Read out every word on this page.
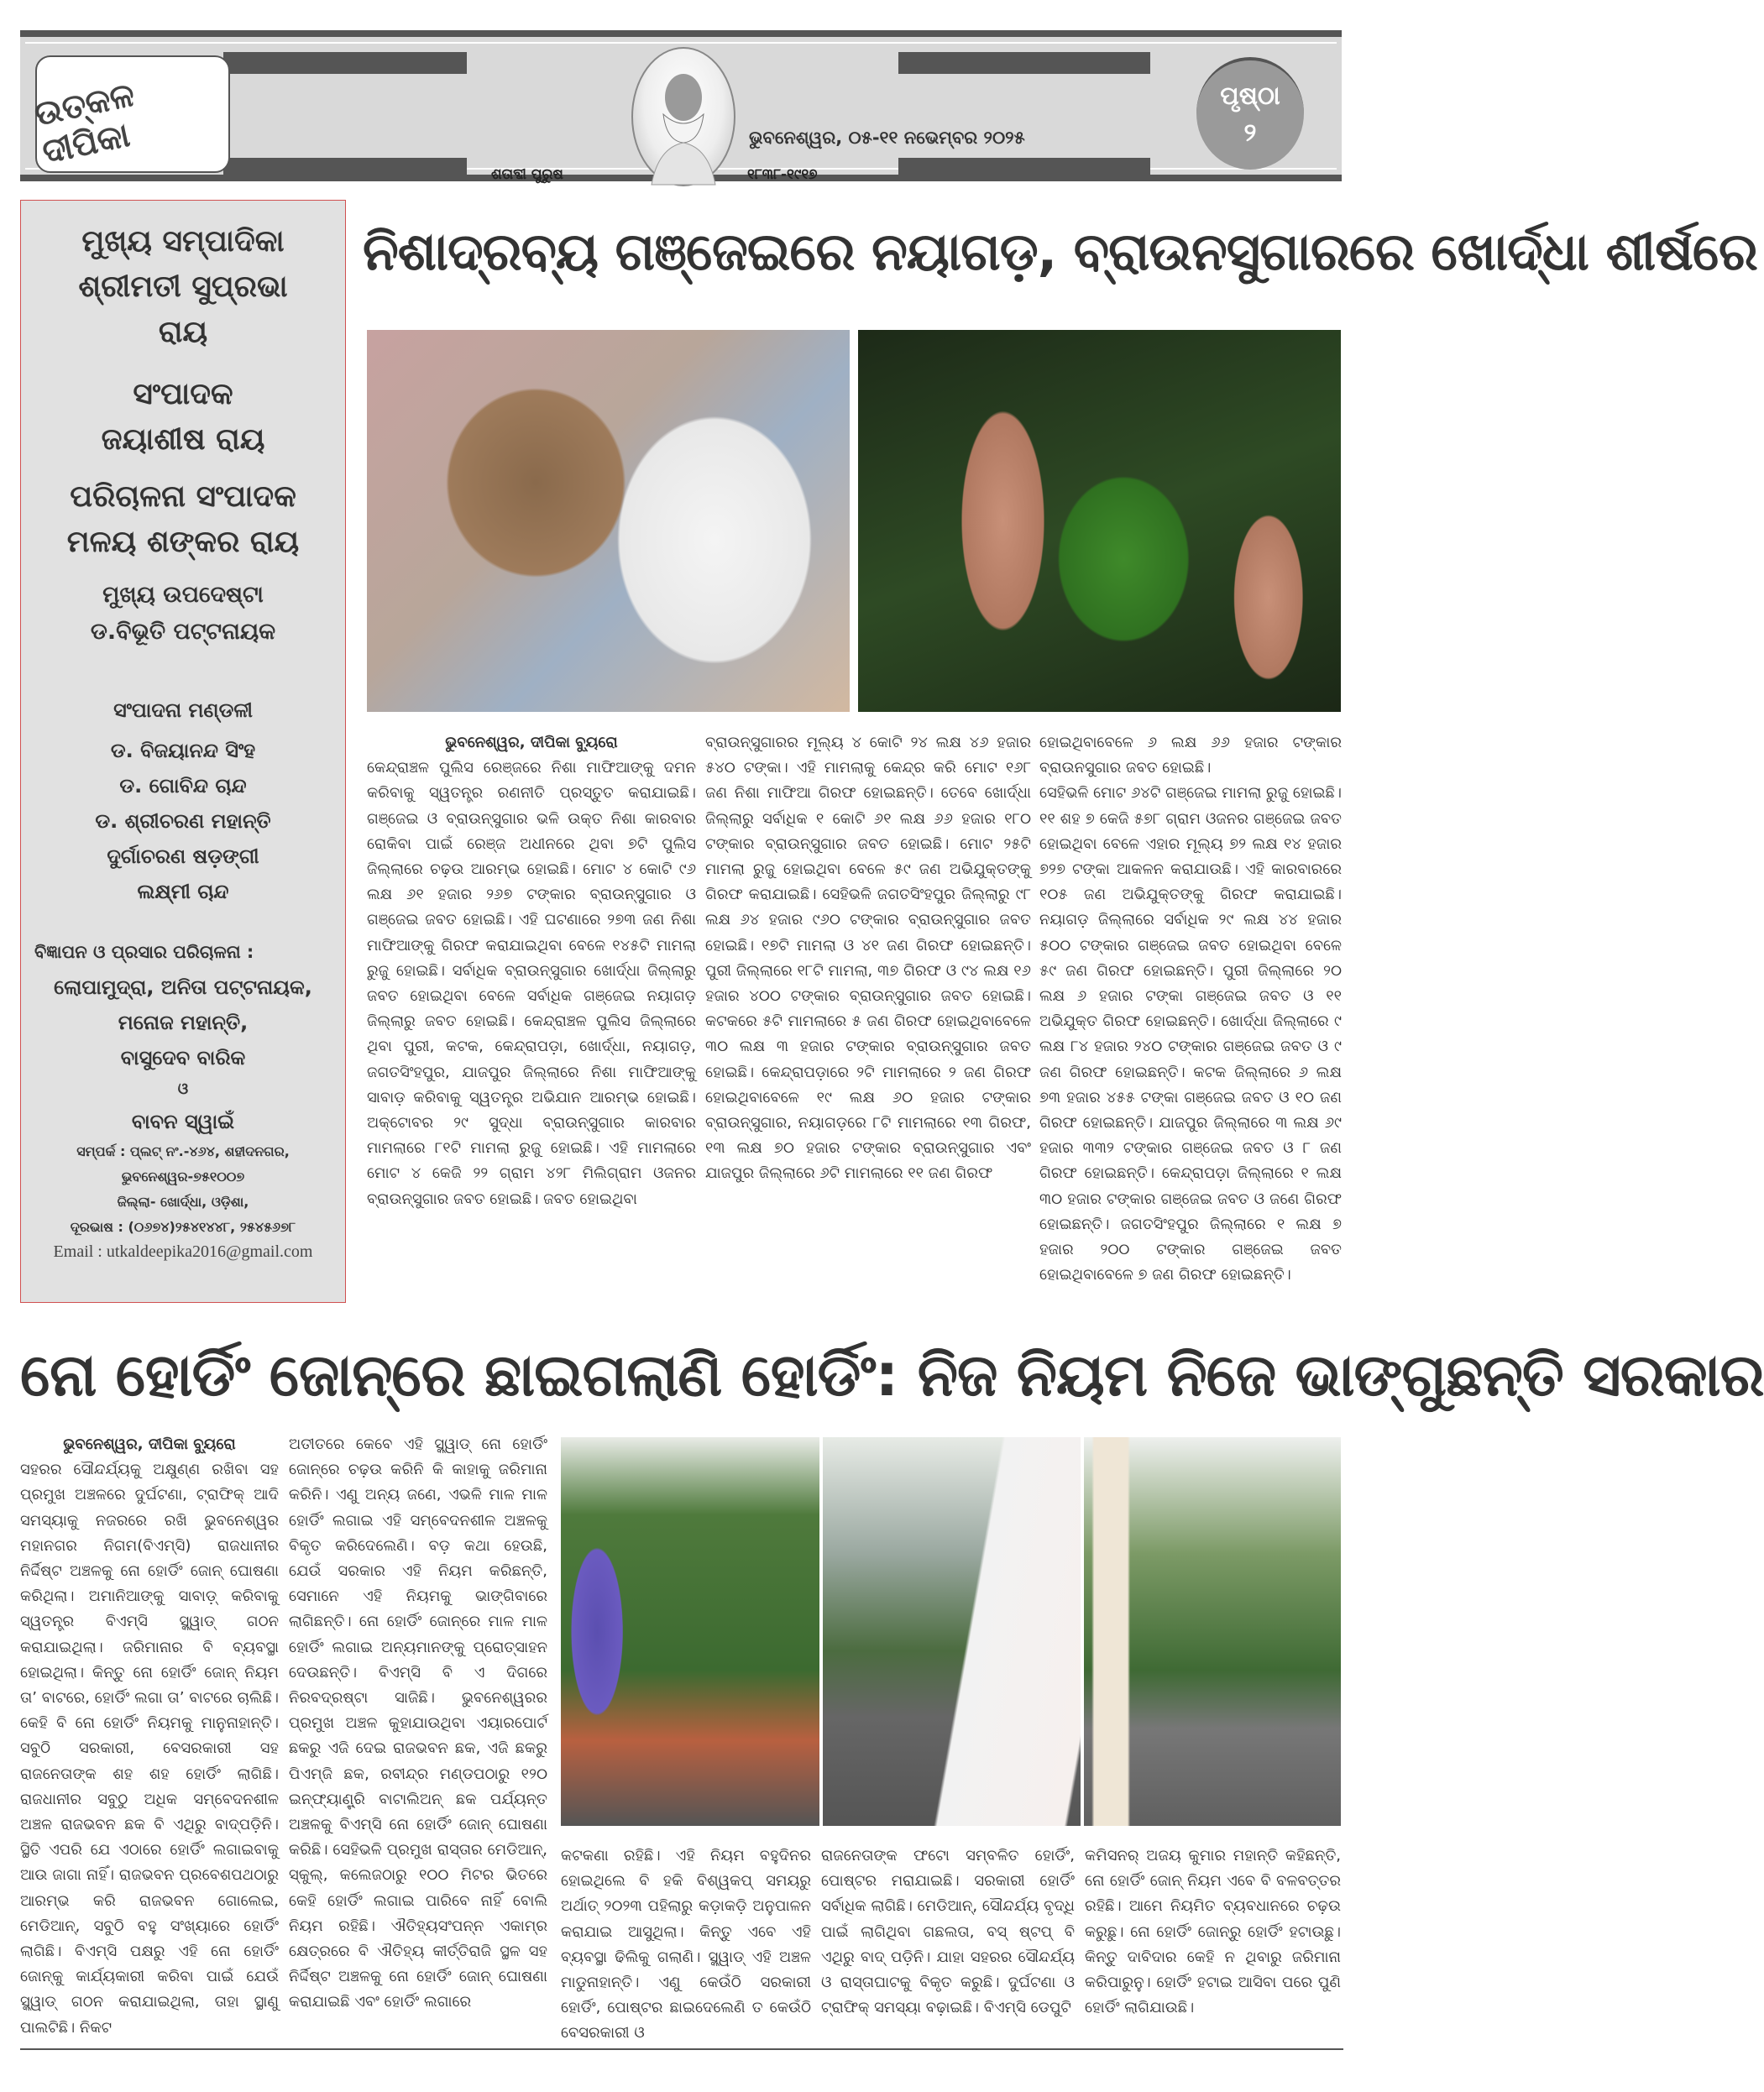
ଉତ୍କଳ ଦୀପିକା	ଭୁବନେଶ୍ୱର, ୦୫-୧୧ ନଭେମ୍ବର ୨୦୨୫
ଶତାବ୍ଦୀ ପୁରୁଷ	୧୮୩୮-୧୯୧୭
ପୃଷ୍ଠା
୨
ମୁଖ୍ୟ ସମ୍ପାଦିକା
ଶ୍ରୀମତୀ ସୁପ୍ରଭା
ରାୟ
ସଂପାଦକ
ଜୟାଶୀଷ ରାୟ
ପରିଚାଳନା ସଂପାଦକ
ମଳୟ ଶଙ୍କର ରାୟ
ମୁଖ୍ୟ ଉପଦେଷ୍ଟା
ଡ.ବିଭୂତି ପଟ୍ଟନାୟକ
ସଂପାଦନା ମଣ୍ଡଳୀ
ଡ. ବିଜୟାନନ୍ଦ ସିଂହ
ଡ. ଗୋବିନ୍ଦ ଚାନ୍ଦ
ଡ. ଶ୍ରୀଚରଣ ମହାନ୍ତି
ଦୁର୍ଗାଚରଣ ଷଡ଼ଙ୍ଗୀ
ଲକ୍ଷ୍ମୀ ଚାନ୍ଦ
ବିଜ୍ଞାପନ ଓ ପ୍ରସାର ପରିଚାଳନା :
ଲୋପାମୁଦ୍ରା, ଅନିତା ପଟ୍ଟନାୟକ,
ମନୋଜ ମହାନ୍ତି,
ବାସୁଦେବ ବାରିକ
ଓ
ବାବନ ସ୍ୱାଇଁ
ସମ୍ପର୍କ : ପ୍ଲଟ୍ ନଂ.-୪୬୪, ଶହୀଦନଗର,
ଭୁବନେଶ୍ୱର-୭୫୧୦୦୭
ଜିଲ୍ଲା- ଖୋର୍ଦ୍ଧା, ଓଡ଼ିଶା,
ଦୂରଭାଷ : (୦୬୭୪)୨୫୪୧୪୪୮, ୨୫୪୫୬୭୮
Email : utkaldeepika2016@gmail.com
ନିଶାଦ୍ରବ୍ୟ ଗଞ୍ଜେଇରେ ନୟାଗଡ଼, ବ୍ରାଉନସୁଗାରରେ ଖୋର୍ଦ୍ଧା ଶୀର୍ଷରେ

ଭୁବନେଶ୍ୱର, ଦୀପିକା ବ୍ୟୁରୋ

କେନ୍ଦ୍ରାଞ୍ଚଳ ପୁଲିସ ରେଞ୍ଜରେ ନିଶା ମାଫିଆଙ୍କୁ ଦମନ କରିବାକୁ ସ୍ୱତନ୍ତ୍ର ରଣନୀତି ପ୍ରସ୍ତୁତ କରାଯାଇଛି। ଗଞ୍ଜେଇ ଓ ବ୍ରାଉନ୍‌ସୁଗାର ଭଳି ଉକ୍ତ ନିଶା କାରବାର ରୋକିବା ପାଇଁ ରେଞ୍ଜ ଅଧୀନରେ ଥିବା ୭ଟି ପୁଲିସ ଜିଲ୍ଲାରେ ଚଢ଼ଉ ଆରମ୍ଭ ହୋଇଛି। ମୋଟ ୪ କୋଟି ୯୬ ଲକ୍ଷ ୬୧ ହଜାର ୨୬୭ ଟଙ୍କାର ବ୍ରାଉନ୍‌ସୁଗାର ଓ ଗଞ୍ଜେଇ ଜବତ ହୋଇଛି। ଏହି ଘଟଣାରେ ୨୭୩ ଜଣ ନିଶା ମାଫିଆଙ୍କୁ ଗିରଫ କରାଯାଇଥିବା ବେଳେ ୧୪୫ଟି ମାମଲା ରୁଜୁ ହୋଇଛି। ସର୍ବାଧିକ ବ୍ରାଉନ୍‌ସୁଗାର ଖୋର୍ଦ୍ଧା ଜିଲ୍ଲାରୁ ଜବତ ହୋଇଥିବା ବେଳେ ସର୍ବାଧିକ ଗଞ୍ଜେଇ ନୟାଗଡ଼ ଜିଲ୍ଲାରୁ ଜବତ ହୋଇଛି। କେନ୍ଦ୍ରାଞ୍ଚଳ ପୁଲିସ ଜିଲ୍ଲାରେ ଥିବା ପୁରୀ, କଟକ, କେନ୍ଦ୍ରାପଡ଼ା, ଖୋର୍ଦ୍ଧା, ନୟାଗଡ଼, ଜଗତସିଂହପୁର, ଯାଜପୁର ଜିଲ୍ଲାରେ ନିଶା ମାଫିଆଙ୍କୁ ସାବାଡ଼ କରିବାକୁ ସ୍ୱତନ୍ତ୍ର ଅଭିଯାନ ଆରମ୍ଭ ହୋଇଛି। ଅକ୍ଟୋବର ୨୯ ସୁଦ୍ଧା ବ୍ରାଉନ୍‌ସୁଗାର କାରବାର ମାମଲାରେ ୮୧ଟି ମାମଲା ରୁଜୁ ହୋଇଛି। ଏହି ମାମଲାରେ ମୋଟ ୪ କେଜି ୨୨ ଗ୍ରାମ ୪୨୮ ମିଲିଗ୍ରାମ ଓଜନର ବ୍ରାଉନ୍‌ସୁଗାର ଜବତ ହୋଇଛି। ଜବତ ହୋଇଥିବା

ବ୍ରାଉନ୍‌ସୁଗାରର ମୂଲ୍ୟ ୪ କୋଟି ୨୪ ଲକ୍ଷ ୪୬ ହଜାର ୫୪୦ ଟଙ୍କା। ଏହି ମାମଲାକୁ କେନ୍ଦ୍ର କରି ମୋଟ ୧୬୮ ଜଣ ନିଶା ମାଫିଆ ଗିରଫ ହୋଇଛନ୍ତି। ତେବେ ଖୋର୍ଦ୍ଧା ଜିଲ୍ଲାରୁ ସର୍ବାଧିକ ୧ କୋଟି ୬୧ ଲକ୍ଷ ୬୬ ହଜାର ୧୮୦ ଟଙ୍କାର ବ୍ରାଉନ୍‌ସୁଗାର ଜବତ ହୋଇଛି। ମୋଟ ୨୫ଟି ମାମଲା ରୁଜୁ ହୋଇଥିବା ବେଳେ ୫୯ ଜଣ ଅଭିଯୁକ୍ତଙ୍କୁ ଗିରଫ କରାଯାଇଛି। ସେହିଭଳି ଜଗତସିଂହପୁର ଜିଲ୍ଲାରୁ ୯୮ ଲକ୍ଷ ୬୪ ହଜାର ୯୬୦ ଟଙ୍କାର ବ୍ରାଉନ୍‌ସୁଗାର ଜବତ ହୋଇଛି। ୧୭ଟି ମାମଲା ଓ ୪୧ ଜଣ ଗିରଫ ହୋଇଛନ୍ତି। ପୁରୀ ଜିଲ୍ଲାରେ ୧୮ଟି ମାମଲା, ୩୭ ଗିରଫ ଓ ୯୪ ଲକ୍ଷ ୧୬ ହଜାର ୪୦୦ ଟଙ୍କାର ବ୍ରାଉନ୍‌ସୁଗାର ଜବତ ହୋଇଛି। କଟକରେ ୫ଟି ମାମଲାରେ ୫ ଜଣ ଗିରଫ ହୋଇଥିବାବେଳେ ୩୦ ଲକ୍ଷ ୩ ହଜାର ଟଙ୍କାର ବ୍ରାଉନ୍‌ସୁଗାର ଜବତ ହୋଇଛି। କେନ୍ଦ୍ରାପଡ଼ାରେ ୨ଟି ମାମଲାରେ ୨ ଜଣ ଗିରଫ ହୋଇଥିବାବେଳେ ୧୯ ଲକ୍ଷ ୬୦ ହଜାର ଟଙ୍କାର ବ୍ରାଉନ୍‌ସୁଗାର, ନୟାଗଡ଼ରେ ୮ଟି ମାମଲାରେ ୧୩ ଗିରଫ, ୧୩ ଲକ୍ଷ ୭୦ ହଜାର ଟଙ୍କାର ବ୍ରାଉନ୍‌ସୁଗାର ଏବଂ ଯାଜପୁର ଜିଲ୍ଲାରେ ୬ଟି ମାମଲାରେ ୧୧ ଜଣ ଗିରଫ

ହୋଇଥିବାବେଳେ ୬ ଲକ୍ଷ ୬୬ ହଜାର ଟଙ୍କାର ବ୍ରାଉନସୁଗାର ଜବତ ହୋଇଛି।

ସେହିଭଳି ମୋଟ ୬୪ଟି ଗଞ୍ଜେଇ ମାମଲା ରୁଜୁ ହୋଇଛି। ୧୧ ଶହ ୭ କେଜି ୫୭୮ ଗ୍ରାମ ଓଜନର ଗଞ୍ଜେଇ ଜବତ ହୋଇଥିବା ବେଳେ ଏହାର ମୂଲ୍ୟ ୭୨ ଲକ୍ଷ ୧୪ ହଜାର ୭୨୭ ଟଙ୍କା ଆକଳନ କରାଯାଉଛି। ଏହି କାରବାରରେ ୧୦୫ ଜଣ ଅଭିଯୁକ୍ତଙ୍କୁ ଗିରଫ କରାଯାଇଛି। ନୟାଗଡ଼ ଜିଲ୍ଲାରେ ସର୍ବାଧିକ ୨୯ ଲକ୍ଷ ୪୪ ହଜାର ୫୦୦ ଟଙ୍କାର ଗଞ୍ଜେଇ ଜବତ ହୋଇଥିବା ବେଳେ ୫୯ ଜଣ ଗିରଫ ହୋଇଛନ୍ତି। ପୁରୀ ଜିଲ୍ଲାରେ ୨୦ ଲକ୍ଷ ୬ ହଜାର ଟଙ୍କା ଗଞ୍ଜେଇ ଜବତ ଓ ୧୧ ଅଭିଯୁକ୍ତ ଗିରଫ ହୋଇଛନ୍ତି। ଖୋର୍ଦ୍ଧା ଜିଲ୍ଲାରେ ୯ ଲକ୍ଷ ୮୪ ହଜାର ୨୪୦ ଟଙ୍କାର ଗଞ୍ଜେଇ ଜବତ ଓ ୯ ଜଣ ଗିରଫ ହୋଇଛନ୍ତି। କଟକ ଜିଲ୍ଲାରେ ୬ ଲକ୍ଷ ୭୩ ହଜାର ୪୫୫ ଟଙ୍କା ଗଞ୍ଜେଇ ଜବତ ଓ ୧୦ ଜଣ ଗିରଫ ହୋଇଛନ୍ତି। ଯାଜପୁର ଜିଲ୍ଲାରେ ୩ ଲକ୍ଷ ୬୯ ହଜାର ୩୩୨ ଟଙ୍କାର ଗଞ୍ଜେଇ ଜବତ ଓ ୮ ଜଣ ଗିରଫ ହୋଇଛନ୍ତି। କେନ୍ଦ୍ରାପଡ଼ା ଜିଲ୍ଲାରେ ୧ ଲକ୍ଷ ୩୦ ହଜାର ଟଙ୍କାର ଗଞ୍ଜେଇ ଜବତ ଓ ଜଣେ ଗିରଫ ହୋଇଛନ୍ତି। ଜଗତସିଂହପୁର ଜିଲ୍ଲାରେ ୧ ଲକ୍ଷ ୭ ହଜାର ୨୦୦ ଟଙ୍କାର ଗଞ୍ଜେଇ ଜବତ ହୋଇଥିବାବେଳେ ୭ ଜଣ ଗିରଫ ହୋଇଛନ୍ତି।

ନୋ ହୋର୍ଡିଂ ଜୋନ୍‌ରେ ଛାଇଗଲାଣି ହୋର୍ଡିଂ: ନିଜ ନିୟମ ନିଜେ ଭାଙ୍ଗୁଛନ୍ତି ସରକାର

ଭୁବନେଶ୍ୱର, ଦୀପିକା ବ୍ୟୁରୋ

ସହରର ସୌନ୍ଦର୍ଯ୍ୟକୁ ଅକ୍ଷୁଣ୍ଣ ରଖିବା ସହ ପ୍ରମୁଖ ଅଞ୍ଚଳରେ ଦୁର୍ଘଟଣା, ଟ୍ରାଫିକ୍ ଆଦି ସମସ୍ୟାକୁ ନଜରରେ ରଖି ଭୁବନେଶ୍ୱର ମହାନଗର ନିଗମ(ବିଏମ୍‌ସି) ରାଜଧାନୀର ନିର୍ଦ୍ଦିଷ୍ଟ ଅଞ୍ଚଳକୁ ନୋ ହୋର୍ଡିଂ ଜୋନ୍ ଘୋଷଣା କରିଥିଲା। ଅମାନିଆଙ୍କୁ ସାବାଡ଼୍ କରିବାକୁ ସ୍ୱତନ୍ତ୍ର ବିଏମ୍‌ସି ସ୍କ୍ୱାଡ୍ ଗଠନ କରାଯାଇଥିଲା। ଜରିମାନାର ବି ବ୍ୟବସ୍ଥା ହୋଇଥିଲା। କିନ୍ତୁ ନୋ ହୋର୍ଡିଂ ଜୋନ୍ ନିୟମ ତା’ ବାଟରେ, ହୋର୍ଡିଂ ଲଗା ତା’ ବାଟରେ ଚାଲିଛି। କେହି ବି ନୋ ହୋର୍ଡିଂ ନିୟମକୁ ମାନୁନାହାନ୍ତି। ସବୁଠି ସରକାରୀ, ବେସରକାରୀ ସହ ରାଜନେତାଙ୍କ ଶହ ଶହ ହୋର୍ଡିଂ ଲାଗିଛି। ରାଜଧାନୀର ସବୁଠୁ ଅଧିକ ସମ୍ବେଦନଶୀଳ ଅଞ୍ଚଳ ରାଜଭବନ ଛକ ବି ଏଥିରୁ ବାଦ୍‌ପଡ଼ିନି। ସ୍ଥିତି ଏପରି ଯେ ଏଠାରେ ହୋର୍ଡିଂ ଲଗାଇବାକୁ ଆଉ ଜାଗା ନାହିଁ। ରାଜଭବନ ପ୍ରବେଶପଥଠାରୁ ଆରମ୍ଭ କରି ରାଜଭବନ ଗୋଲେଇ, ମେଡିଆନ୍, ସବୁଠି ବହୁ ସଂଖ୍ୟାରେ ହୋର୍ଡିଂ ଲାଗିଛି। ବିଏମ୍‌ସି ପକ୍ଷରୁ ଏହି ନୋ ହୋର୍ଡିଂ ଜୋନ୍‌କୁ କାର୍ଯ୍ୟକାରୀ କରିବା ପାଇଁ ଯେଉଁ ସ୍କ୍ୱାଡ୍ ଗଠନ କରାଯାଇଥିଲା, ତାହା ସ୍ଥାଣୁ ପାଲଟିଛି। ନିକଟ

ଅତୀତରେ କେବେ ଏହି ସ୍କ୍ୱାଡ୍ ନୋ ହୋର୍ଡିଂ ଜୋନ୍‌ରେ ଚଢ଼ଉ କରିନି କି କାହାକୁ ଜରିମାନା କରିନି। ଏଣୁ ଅନ୍ୟ ଜଣେ, ଏଭଳି ମାଳ ମାଳ ହୋର୍ଡିଂ ଲଗାଇ ଏହି ସମ୍ବେଦନଶୀଳ ଅଞ୍ଚଳକୁ ବିକୃତ କରିଦେଲେଣି। ବଡ଼ କଥା ହେଉଛି, ଯେଉଁ ସରକାର ଏହି ନିୟମ କରିଛନ୍ତି, ସେମାନେ ଏହି ନିୟମକୁ ଭାଙ୍ଗିବାରେ ଲାଗିଛନ୍ତି। ନୋ ହୋର୍ଡିଂ ଜୋନ୍‌ରେ ମାଳ ମାଳ ହୋର୍ଡିଂ ଲଗାଇ ଅନ୍ୟମାନଙ୍କୁ ପ୍ରୋତ୍ସାହନ ଦେଉଛନ୍ତି। ବିଏମ୍‌ସି ବି ଏ ଦିଗରେ ନିରବଦ୍ରଷ୍ଟା ସାଜିଛି। ଭୁବନେଶ୍ୱରର ପ୍ରମୁଖ ଅଞ୍ଚଳ କୁହାଯାଉଥିବା ଏୟାରପୋର୍ଟ ଛକରୁ ଏଜି ଦେଇ ରାଜଭବନ ଛକ, ଏଜି ଛକରୁ ପିଏମ୍‌ଜି ଛକ, ରବୀନ୍ଦ୍ର ମଣ୍ଡପଠାରୁ ୧୨୦ ଇନ୍‌ଫ୍ୟାଣ୍ଟ୍ରି ବାଟାଲିଅନ୍ ଛକ ପର୍ଯ୍ୟନ୍ତ ଅଞ୍ଚଳକୁ ବିଏମ୍‌ସି ନୋ ହୋର୍ଡିଂ ଜୋନ୍ ଘୋଷଣା କରିଛି। ସେହିଭଳି ପ୍ରମୁଖ ରାସ୍ତାର ମେଡିଆନ୍, ସ୍କୁଲ୍, କଲେଜଠାରୁ ୧୦୦ ମିଟର ଭିତରେ କେହି ହୋର୍ଡିଂ ଲଗାଇ ପାରିବେ ନାହିଁ ବୋଲି ନିୟମ ରହିଛି। ଐତିହ୍ୟସଂପନ୍ନ ଏକାମ୍ର କ୍ଷେତ୍ରରେ ବି ଐତିହ୍ୟ କୀର୍ତ୍ତିରାଜି ସ୍ଥଳ ସହ ନିର୍ଦ୍ଦିଷ୍ଟ ଅଞ୍ଚଳକୁ ନୋ ହୋର୍ଡିଂ ଜୋନ୍ ଘୋଷଣା କରାଯାଇଛି ଏବଂ ହୋର୍ଡିଂ ଲଗାରେ

କଟକଣା ରହିଛି। ଏହି ନିୟମ ବହୁଦିନର ହୋଇଥିଲେ ବି ହକି ବିଶ୍ୱକପ୍ ସମୟରୁ ଅର୍ଥାତ୍ ୨୦୨୩ ପହିଲାରୁ କଡ଼ାକଡ଼ି ଅନୁପାଳନ କରାଯାଇ ଆସୁଥିଲା। କିନ୍ତୁ ଏବେ ଏହି ବ୍ୟବସ୍ଥା ଢିଲିକୁ ଗଲାଣି। ସ୍କ୍ୱାଡ୍ ଏହି ଅଞ୍ଚଳ ମାଡୁନାହାନ୍ତି। ଏଣୁ କେଉଁଠି ସରକାରୀ ହୋର୍ଡିଂ, ପୋଷ୍ଟର ଛାଇଦେଲେଣି ତ କେଉଁଠି ବେସରକାରୀ ଓ

ରାଜନେତାଙ୍କ ଫଟୋ ସମ୍ବଳିତ ହୋର୍ଡିଂ, ପୋଷ୍ଟର ମରାଯାଇଛି। ସରକାରୀ ହୋର୍ଡିଂ ସର୍ବାଧିକ ଲାଗିଛି। ମେଡିଆନ୍, ସୌନ୍ଦର୍ଯ୍ୟ ବୃଦ୍ଧି ପାଇଁ ଲାଗିଥିବା ଗଛଲତା, ବସ୍ ଷ୍ଟପ୍ ବି ଏଥିରୁ ବାଦ୍ ପଡ଼ିନି। ଯାହା ସହରର ସୌନ୍ଦର୍ଯ୍ୟ ଓ ରାସ୍ତାଘାଟକୁ ବିକୃତ କରୁଛି। ଦୁର୍ଘଟଣା ଓ ଟ୍ରାଫିକ୍ ସମସ୍ୟା ବଢ଼ାଇଛି। ବିଏମ୍‌ସି ଡେପୁଟି

କମିସନର୍ ଅଜୟ କୁମାର ମହାନ୍ତି କହିଛନ୍ତି, ନୋ ହୋର୍ଡିଂ ଜୋନ୍ ନିୟମ ଏବେ ବି ବଳବତ୍ତର ରହିଛି। ଆମେ ନିୟମିତ ବ୍ୟବଧାନରେ ଚଢ଼ଉ କରୁଛୁ। ନୋ ହୋର୍ଡିଂ ଜୋନ୍‌ରୁ ହୋର୍ଡିଂ ହଟାଉଛୁ। କିନ୍ତୁ ଦାବିଦାର କେହି ନ ଥିବାରୁ ଜରିମାନା କରିପାରୁନୁ। ହୋର୍ଡିଂ ହଟାଇ ଆସିବା ପରେ ପୁଣି ହୋର୍ଡିଂ ଲାଗିଯାଉଛି।
